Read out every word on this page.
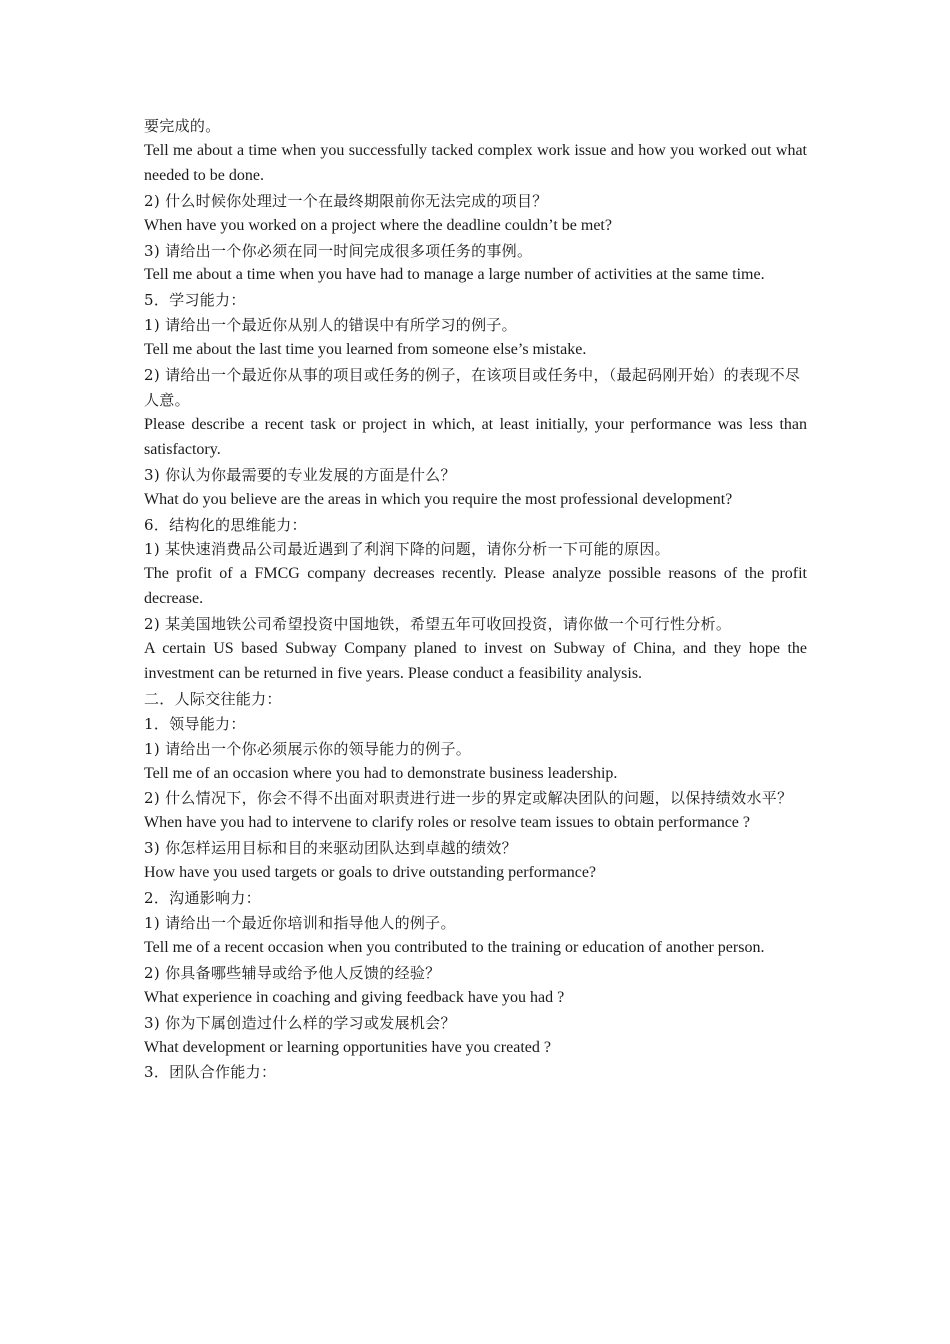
要完成的。

Tell me about a time when you successfully tacked complex work issue and how you worked out what needed to be done.

2) 什么时候你处理过一个在最终期限前你无法完成的项目？

When have you worked on a project where the deadline couldn’t be met?

3) 请给出一个你必须在同一时间完成很多项任务的事例。

Tell me about a time when you have had to manage a large number of activities at the same time.

5．学习能力：

1) 请给出一个最近你从别人的错误中有所学习的例子。

Tell me about the last time you learned from someone else’s mistake.

2) 请给出一个最近你从事的项目或任务的例子，在该项目或任务中，（最起码刚开始）的表现不尽人意。

Please describe a recent task or project in which, at least initially, your performance was less than satisfactory.

3) 你认为你最需要的专业发展的方面是什么？

What do you believe are the areas in which you require the most professional development?

6．结构化的思维能力：

1) 某快速消费品公司最近遇到了利润下降的问题，请你分析一下可能的原因。

The profit of a FMCG company decreases recently. Please analyze possible reasons of the profit decrease.

2) 某美国地铁公司希望投资中国地铁，希望五年可收回投资，请你做一个可行性分析。

A certain US based Subway Company planed to invest on Subway of China, and they hope the investment can be returned in five years. Please conduct a feasibility analysis.

二．人际交往能力：

1．领导能力：

1) 请给出一个你必须展示你的领导能力的例子。

Tell me of an occasion where you had to demonstrate business leadership.

2) 什么情况下，你会不得不出面对职责进行进一步的界定或解决团队的问题，以保持绩效水平？

When have you had to intervene to clarify roles or resolve team issues to obtain performance ?

3) 你怎样运用目标和目的来驱动团队达到卓越的绩效？

How have you used targets or goals to drive outstanding performance?

2．沟通影响力：

1) 请给出一个最近你培训和指导他人的例子。

Tell me of a recent occasion when you contributed to the training or education of another person.

2) 你具备哪些辅导或给予他人反馈的经验？

What experience in coaching and giving feedback have you had ?

3) 你为下属创造过什么样的学习或发展机会？

What development or learning opportunities have you created ?

3．团队合作能力：
